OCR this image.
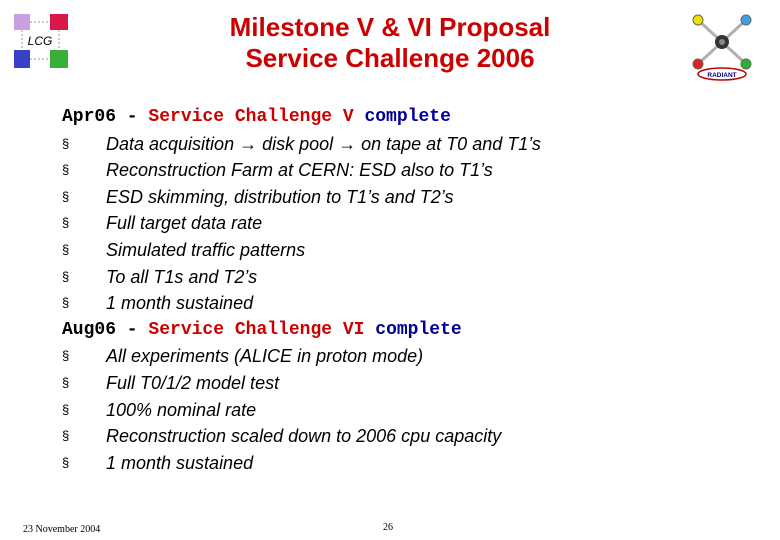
LCG	Milestone V & VI Proposal
Service Challenge 2006
RADIANT
Apr06 - Service Challenge V complete
§ Data acquisition → disk pool → on tape at T0 and T1’s
§ Reconstruction Farm at CERN: ESD also to T1’s
§ ESD skimming, distribution to T1’s and T2’s
§ Full target data rate
§ Simulated traffic patterns
§ To all T1s and T2’s
§ 1 month sustained
Aug06 - Service Challenge VI complete
§ All experiments (ALICE in proton mode)
§ Full T0/1/2 model test
§ 100% nominal rate
§ Reconstruction scaled down to 2006 cpu capacity
§ 1 month sustained
23 November 2004	26
